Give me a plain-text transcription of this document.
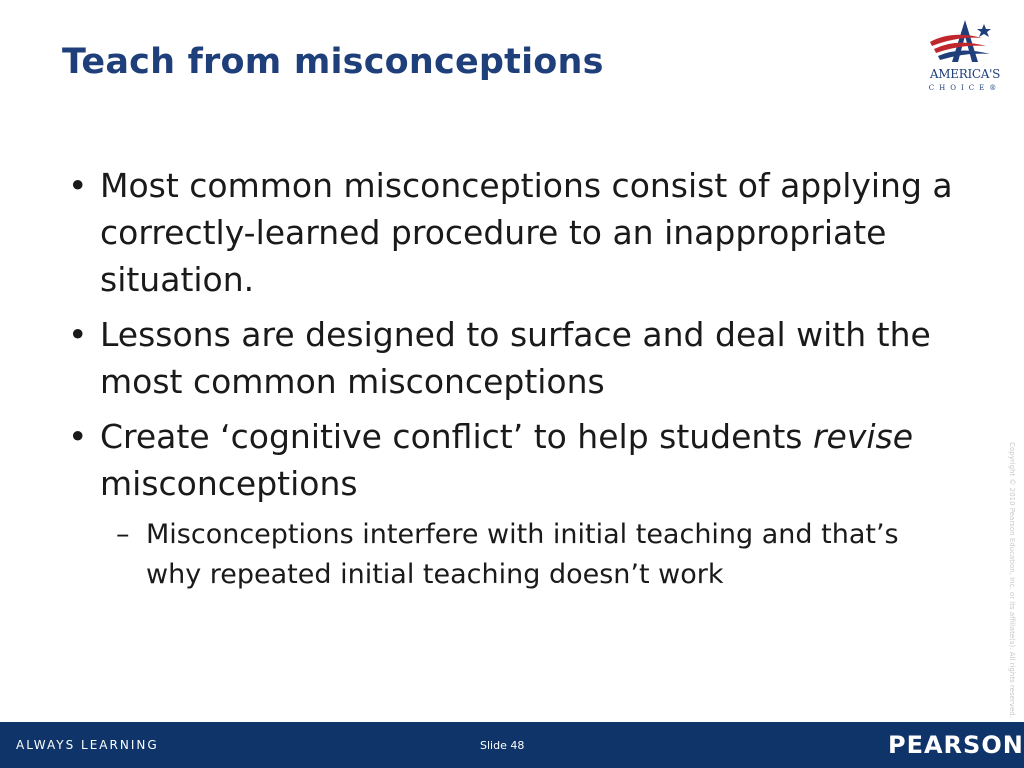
Teach from misconceptions	AMERICA'S
CHOICE®
• Most common misconceptions consist of applying a correctly-learned procedure to an inappropriate situation.
• Lessons are designed to surface and deal with the most common misconceptions
• Create ‘cognitive conflict’ to help students revise misconceptions
– Misconceptions interfere with initial teaching and that’s why repeated initial teaching doesn’t work	Copyright © 2010 Pearson Education, Inc. or its affiliate(s). All rights reserved.
ALWAYS LEARNING	Slide 48	PEARSON
